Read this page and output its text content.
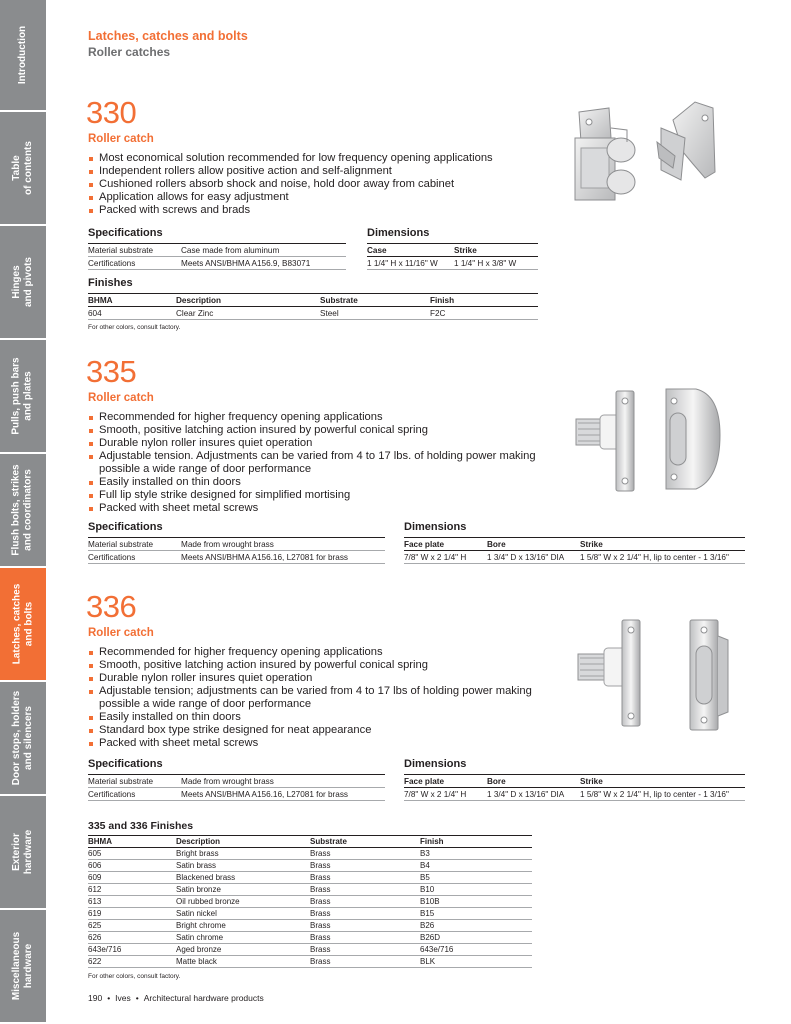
Introduction
Table
of contents
Hinges
and pivots
Pulls, push bars
and plates
Flush bolts, strikes
and coordinators
Latches, catches
and bolts
Door stops, holders
and silencers
Exterior
hardware
Miscellaneous
hardware
Latches, catches and bolts
Roller catches
330
Roller catch
Most economical solution recommended for low frequency opening applications
Independent rollers allow positive action and self-alignment
Cushioned rollers absorb shock and noise, hold door away from cabinet
Application allows for easy adjustment
Packed with screws and brads
Specifications
Material substrate	Case made from aluminum
Certifications	Meets ANSI/BHMA A156.9, B83071
Dimensions
Case	Strike
1 1/4" H x 11/16" W	1 1/4" H x 3/8" W
Finishes
BHMA	Description	Substrate	Finish
604	Clear Zinc	Steel	F2C
For other colors, consult factory.
335
Roller catch
Recommended for higher frequency opening applications
Smooth, positive latching action insured by powerful conical spring
Durable nylon roller insures quiet operation
Adjustable tension. Adjustments can be varied from 4 to 17 lbs. of holding power making possible a wide range of door performance
Easily installed on thin doors
Full lip style strike designed for simplified mortising
Packed with sheet metal screws
Specifications
Material substrate	Made from wrought brass
Certifications	Meets ANSI/BHMA A156.16, L27081 for brass
Dimensions
Face plate	Bore	Strike
7/8" W x 2 1/4" H	1 3/4" D x 13/16" DIA	1 5/8" W x 2 1/4" H, lip to center - 1 3/16"
336
Roller catch
Recommended for higher frequency opening applications
Smooth, positive latching action insured by powerful conical spring
Durable nylon roller insures quiet operation
Adjustable tension; adjustments can be varied from 4 to 17 lbs of holding power making possible a wide range of door performance
Easily installed on thin doors
Standard box type strike designed for neat appearance
Packed with sheet metal screws
Specifications
Material substrate	Made from wrought brass
Certifications	Meets ANSI/BHMA A156.16, L27081 for brass
Dimensions
Face plate	Bore	Strike
7/8" W x 2 1/4" H	1 3/4" D x 13/16" DIA	1 5/8" W x 2 1/4" H, lip to center - 1 3/16"
335 and 336 Finishes
BHMA	Description	Substrate	Finish
605	Bright brass	Brass	B3
606	Satin brass	Brass	B4
609	Blackened brass	Brass	B5
612	Satin bronze	Brass	B10
613	Oil rubbed bronze	Brass	B10B
619	Satin nickel	Brass	B15
625	Bright chrome	Brass	B26
626	Satin chrome	Brass	B26D
643e/716	Aged bronze	Brass	643e/716
622	Matte black	Brass	BLK
For other colors, consult factory.
190 • Ives • Architectural hardware products
